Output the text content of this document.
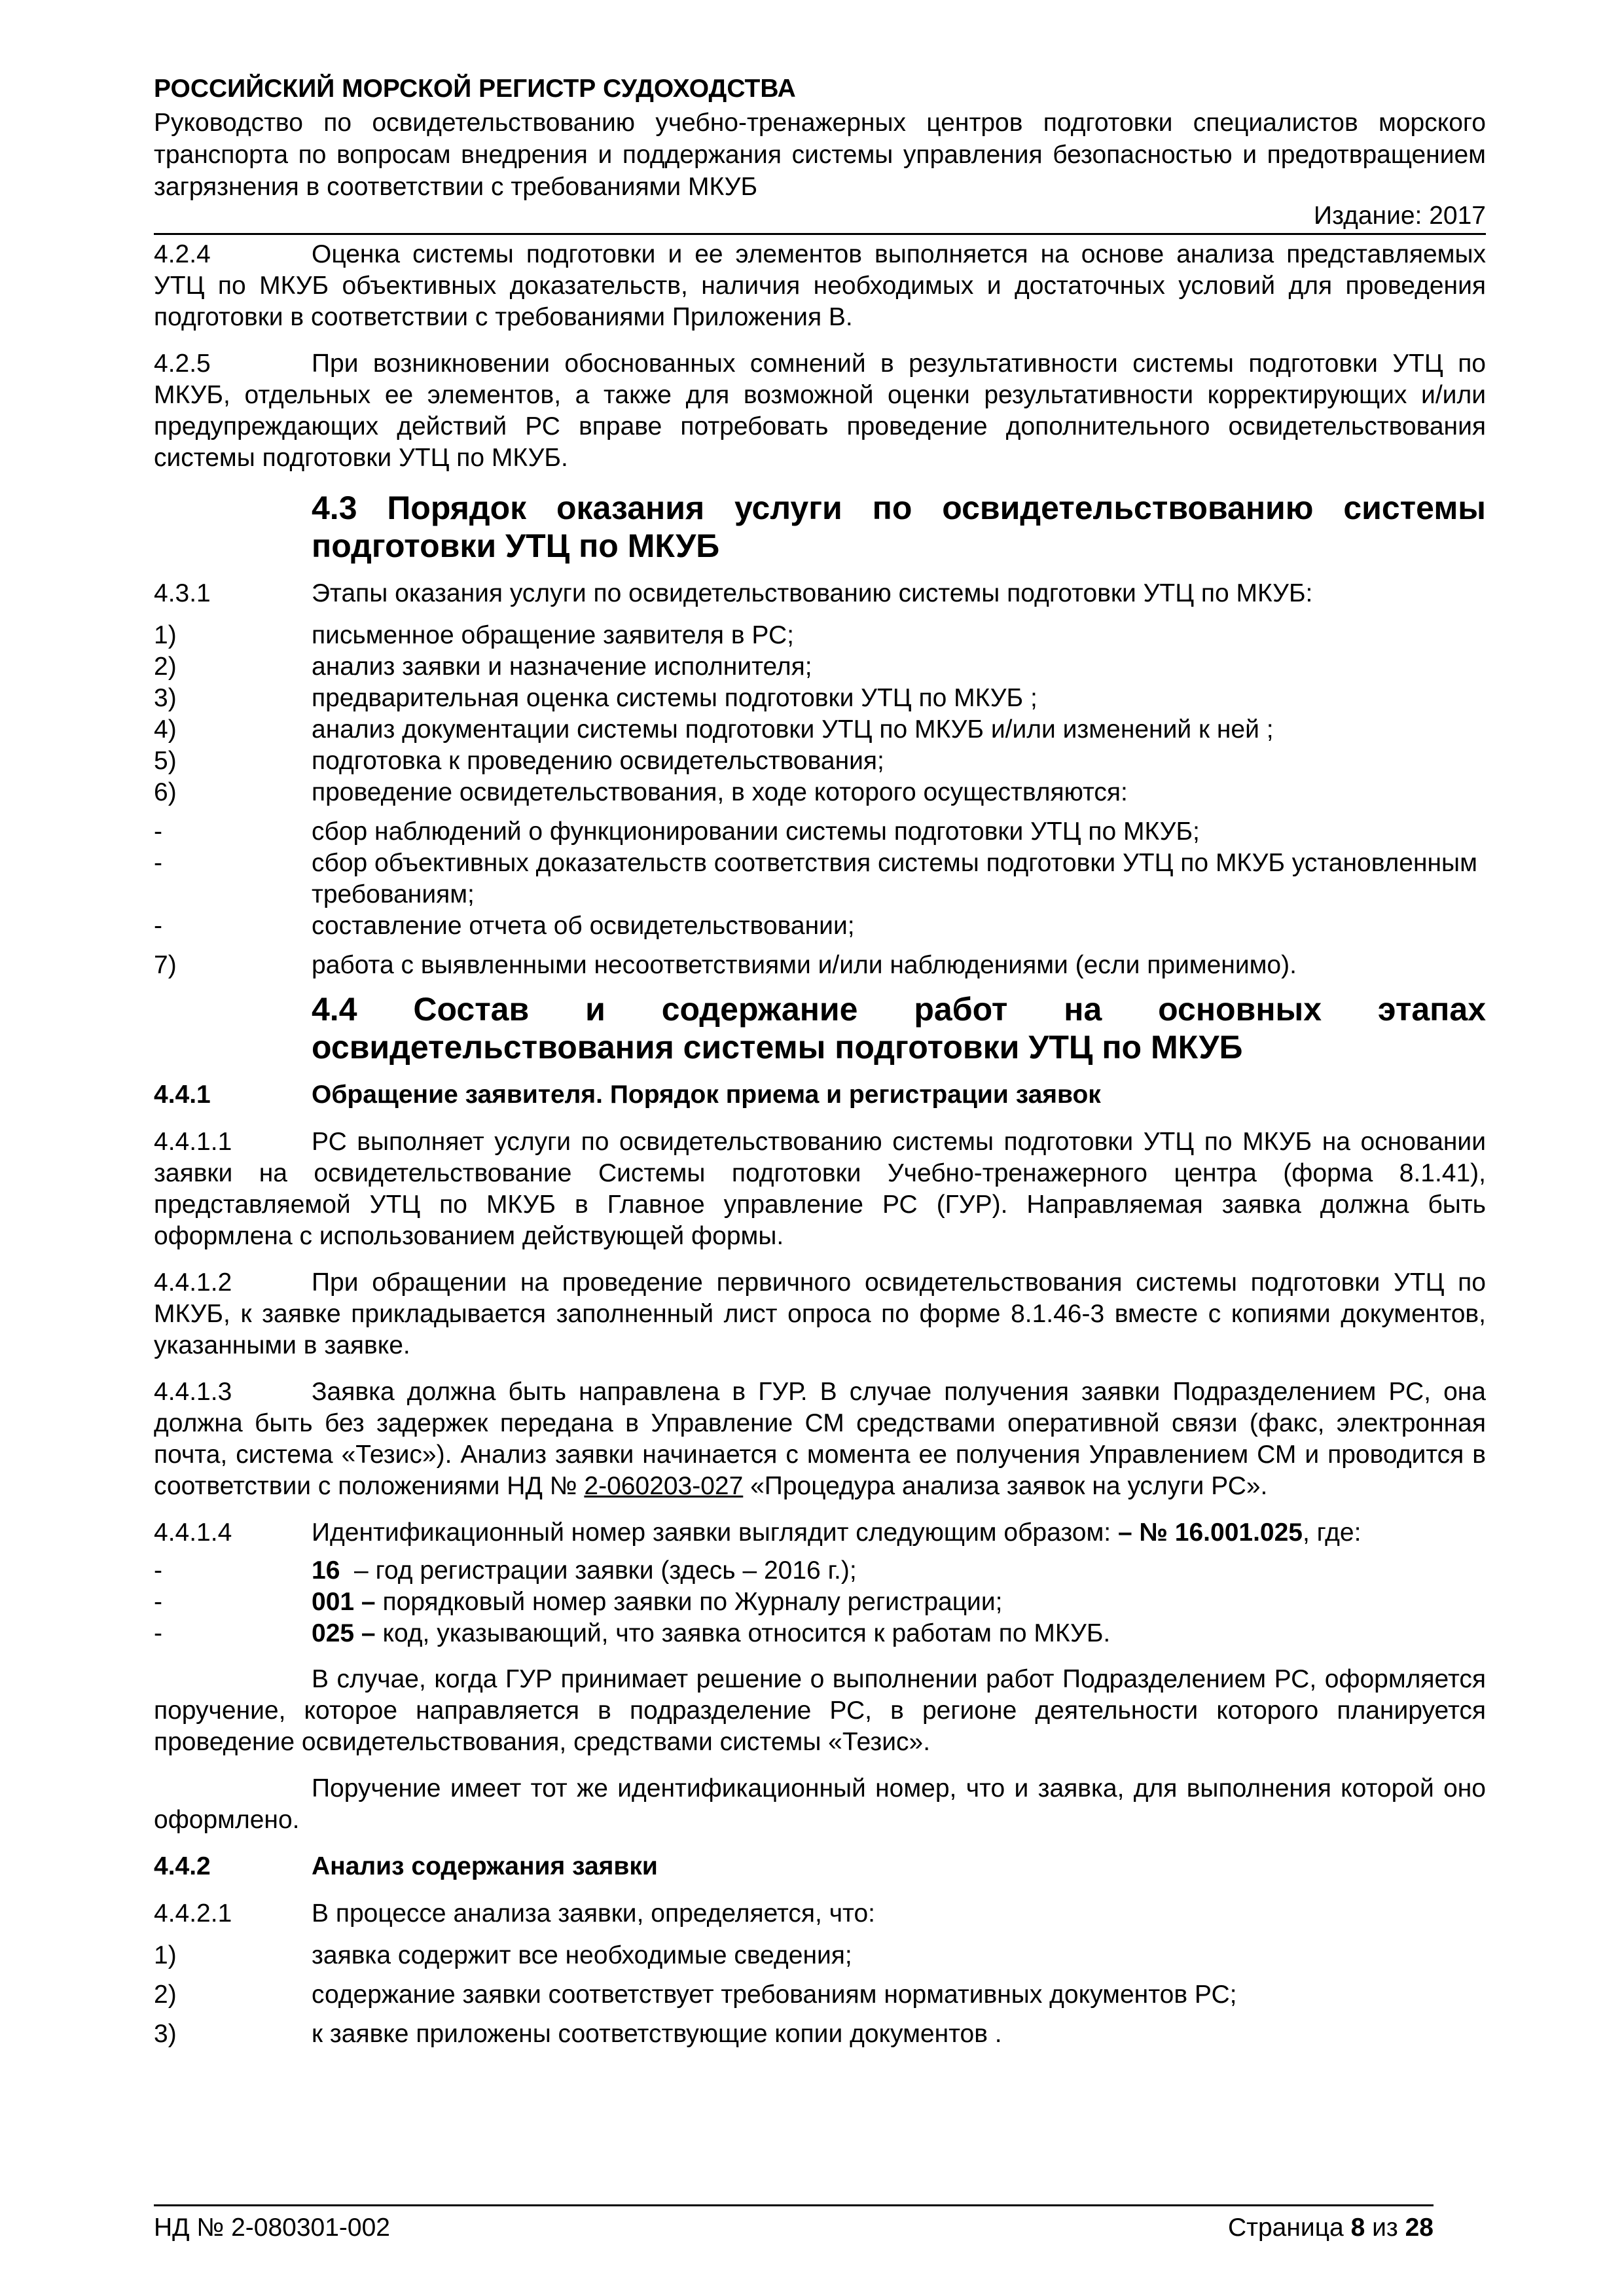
РОССИЙСКИЙ МОРСКОЙ РЕГИСТР СУДОХОДСТВА
Руководство по освидетельствованию учебно-тренажерных центров подготовки специалистов морского транспорта по вопросам внедрения и поддержания системы управления безопасностью и предотвращением загрязнения в соответствии с требованиями МКУБ
Издание: 2017

4.2.4	Оценка системы подготовки и ее элементов выполняется на основе анализа представляемых УТЦ по МКУБ объективных доказательств, наличия необходимых и достаточных условий для проведения подготовки в соответствии с требованиями Приложения В.

4.2.5	При возникновении обоснованных сомнений в результативности системы подготовки УТЦ по МКУБ, отдельных ее элементов, а также для возможной оценки результативности корректирующих и/или предупреждающих действий РС вправе потребовать проведение дополнительного освидетельствования системы подготовки УТЦ по МКУБ.

4.3 Порядок оказания услуги по освидетельствованию системы подготовки УТЦ по МКУБ

4.3.1	Этапы оказания услуги по освидетельствованию системы подготовки УТЦ по МКУБ:

1)	письменное обращение заявителя в РС;
2)	анализ заявки и назначение исполнителя;
3)	предварительная оценка системы подготовки УТЦ по МКУБ ;
4)	анализ документации системы подготовки УТЦ по МКУБ и/или изменений к ней ;
5)	подготовка к проведению освидетельствования;
6)	проведение освидетельствования, в ходе которого осуществляются:
-	сбор наблюдений о функционировании системы подготовки УТЦ по МКУБ;
-	сбор объективных доказательств соответствия системы подготовки УТЦ по МКУБ установленным требованиям;
-	составление отчета об освидетельствовании;
7)	работа с выявленными несоответствиями и/или наблюдениями (если применимо).
4.4 Состав и содержание работ на основных этапах освидетельствования системы подготовки УТЦ по МКУБ
4.4.1	Обращение заявителя. Порядок приема и регистрации заявок

4.4.1.1	РС выполняет услуги по освидетельствованию системы подготовки УТЦ по МКУБ на основании заявки на освидетельствование Системы подготовки Учебно-тренажерного центра (форма 8.1.41), представляемой УТЦ по МКУБ в Главное управление РС (ГУР). Направляемая заявка должна быть оформлена с использованием действующей формы.

4.4.1.2	При обращении на проведение первичного освидетельствования системы подготовки УТЦ по МКУБ, к заявке прикладывается заполненный лист опроса по форме 8.1.46-3 вместе с копиями документов, указанными в заявке.

4.4.1.3	Заявка должна быть направлена в ГУР. В случае получения заявки Подразделением РС, она должна быть без задержек передана в Управление СМ средствами оперативной связи (факс, электронная почта, система «Тезис»). Анализ заявки начинается с момента ее получения Управлением СМ и проводится в соответствии с положениями НД № 2-060203-027 «Процедура анализа заявок на услуги РС».

4.4.1.4	Идентификационный номер заявки выглядит следующим образом: – № 16.001.025, где:

-	16  – год регистрации заявки (здесь – 2016 г.);
-	001 – порядковый номер заявки по Журналу регистрации;
-	025 – код, указывающий, что заявка относится к работам по МКУБ.

В случае, когда ГУР принимает решение о выполнении работ Подразделением РС, оформляется поручение, которое направляется в подразделение РС, в регионе деятельности которого планируется проведение освидетельствования, средствами системы «Тезис».

Поручение имеет тот же идентификационный номер, что и заявка, для выполнения которой оно оформлено.

4.4.2	Анализ содержания заявки

4.4.2.1	В процессе анализа заявки, определяется, что:

1)	заявка содержит все необходимые сведения;
2)	содержание заявки соответствует требованиям нормативных документов РС;
3)	к заявке приложены соответствующие копии документов .
НД № 2-080301-002	Страница 8 из 28
